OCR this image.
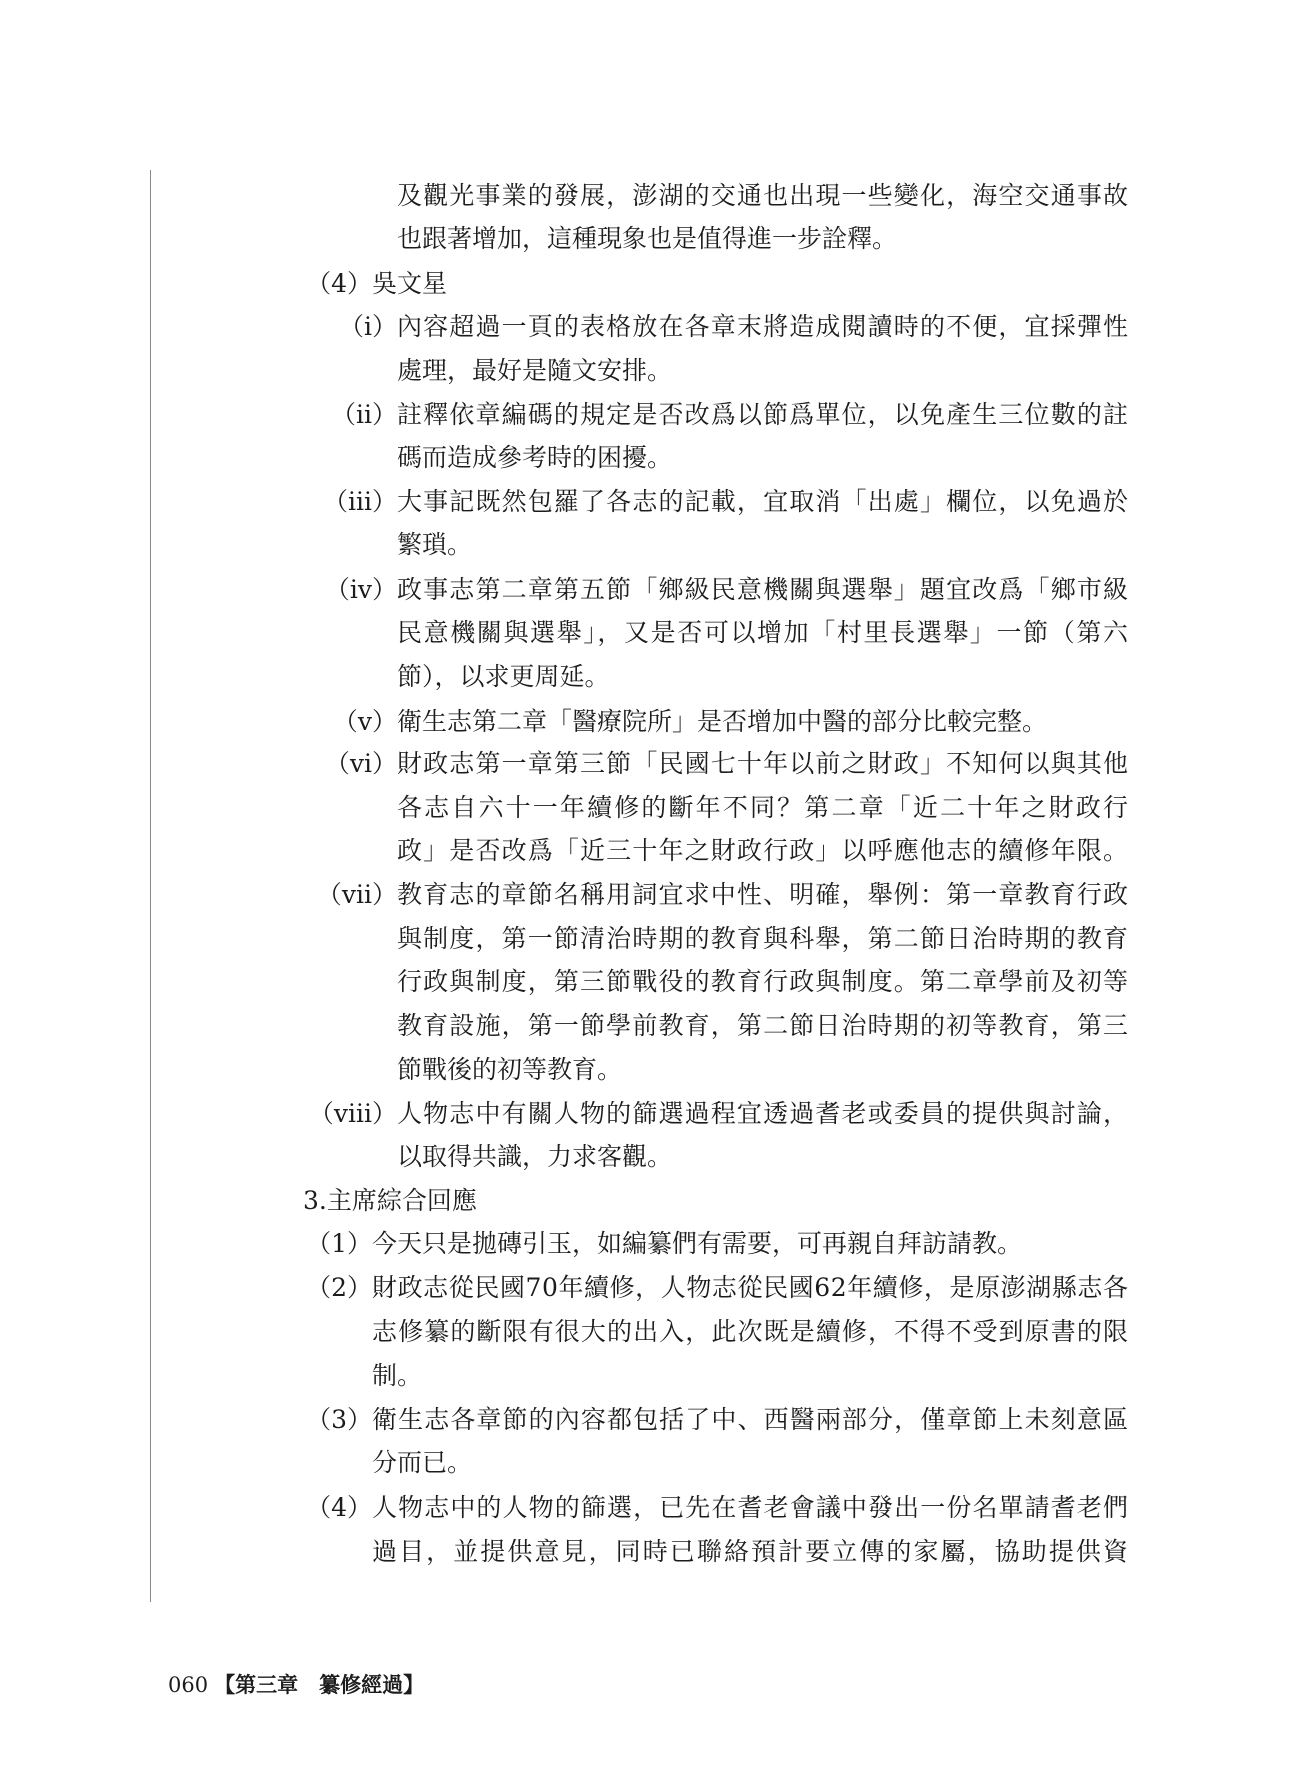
及觀光事業的發展，澎湖的交通也出現一些變化，海空交通事故
也跟著增加，這種現象也是值得進一步詮釋。
（4） 吳文星
（i） 內容超過一頁的表格放在各章末將造成閱讀時的不便，宜採彈性
處理，最好是隨文安排。
（ii） 註釋依章編碼的規定是否改爲以節爲單位，以免產生三位數的註
碼而造成參考時的困擾。
（iii） 大事記既然包羅了各志的記載，宜取消「出處」欄位，以免過於
繁瑣。
（iv） 政事志第二章第五節「鄉級民意機關與選舉」題宜改爲「鄉市級
民意機關與選舉」，又是否可以增加「村里長選舉」一節（第六
節），以求更周延。
（v） 衛生志第二章「醫療院所」是否增加中醫的部分比較完整。
（vi） 財政志第一章第三節「民國七十年以前之財政」不知何以與其他
各志自六十一年續修的斷年不同？第二章「近二十年之財政行
政」是否改爲「近三十年之財政行政」以呼應他志的續修年限。
（vii） 教育志的章節名稱用詞宜求中性、明確，舉例：第一章教育行政
與制度，第一節清治時期的教育與科舉，第二節日治時期的教育
行政與制度，第三節戰役的教育行政與制度。第二章學前及初等
教育設施，第一節學前教育，第二節日治時期的初等教育，第三
節戰後的初等教育。
（viii） 人物志中有關人物的篩選過程宜透過耆老或委員的提供與討論，
以取得共識，力求客觀。
3.主席綜合回應
（1） 今天只是拋磚引玉，如編纂們有需要，可再親自拜訪請教。
（2） 財政志從民國70年續修，人物志從民國62年續修，是原澎湖縣志各
志修纂的斷限有很大的出入，此次既是續修，不得不受到原書的限
制。
（3） 衛生志各章節的內容都包括了中、西醫兩部分，僅章節上未刻意區
分而已。
（4） 人物志中的人物的篩選，已先在耆老會議中發出一份名單請耆老們
過目，並提供意見，同時已聯絡預計要立傳的家屬，協助提供資
060 【第三章　纂修經過】
